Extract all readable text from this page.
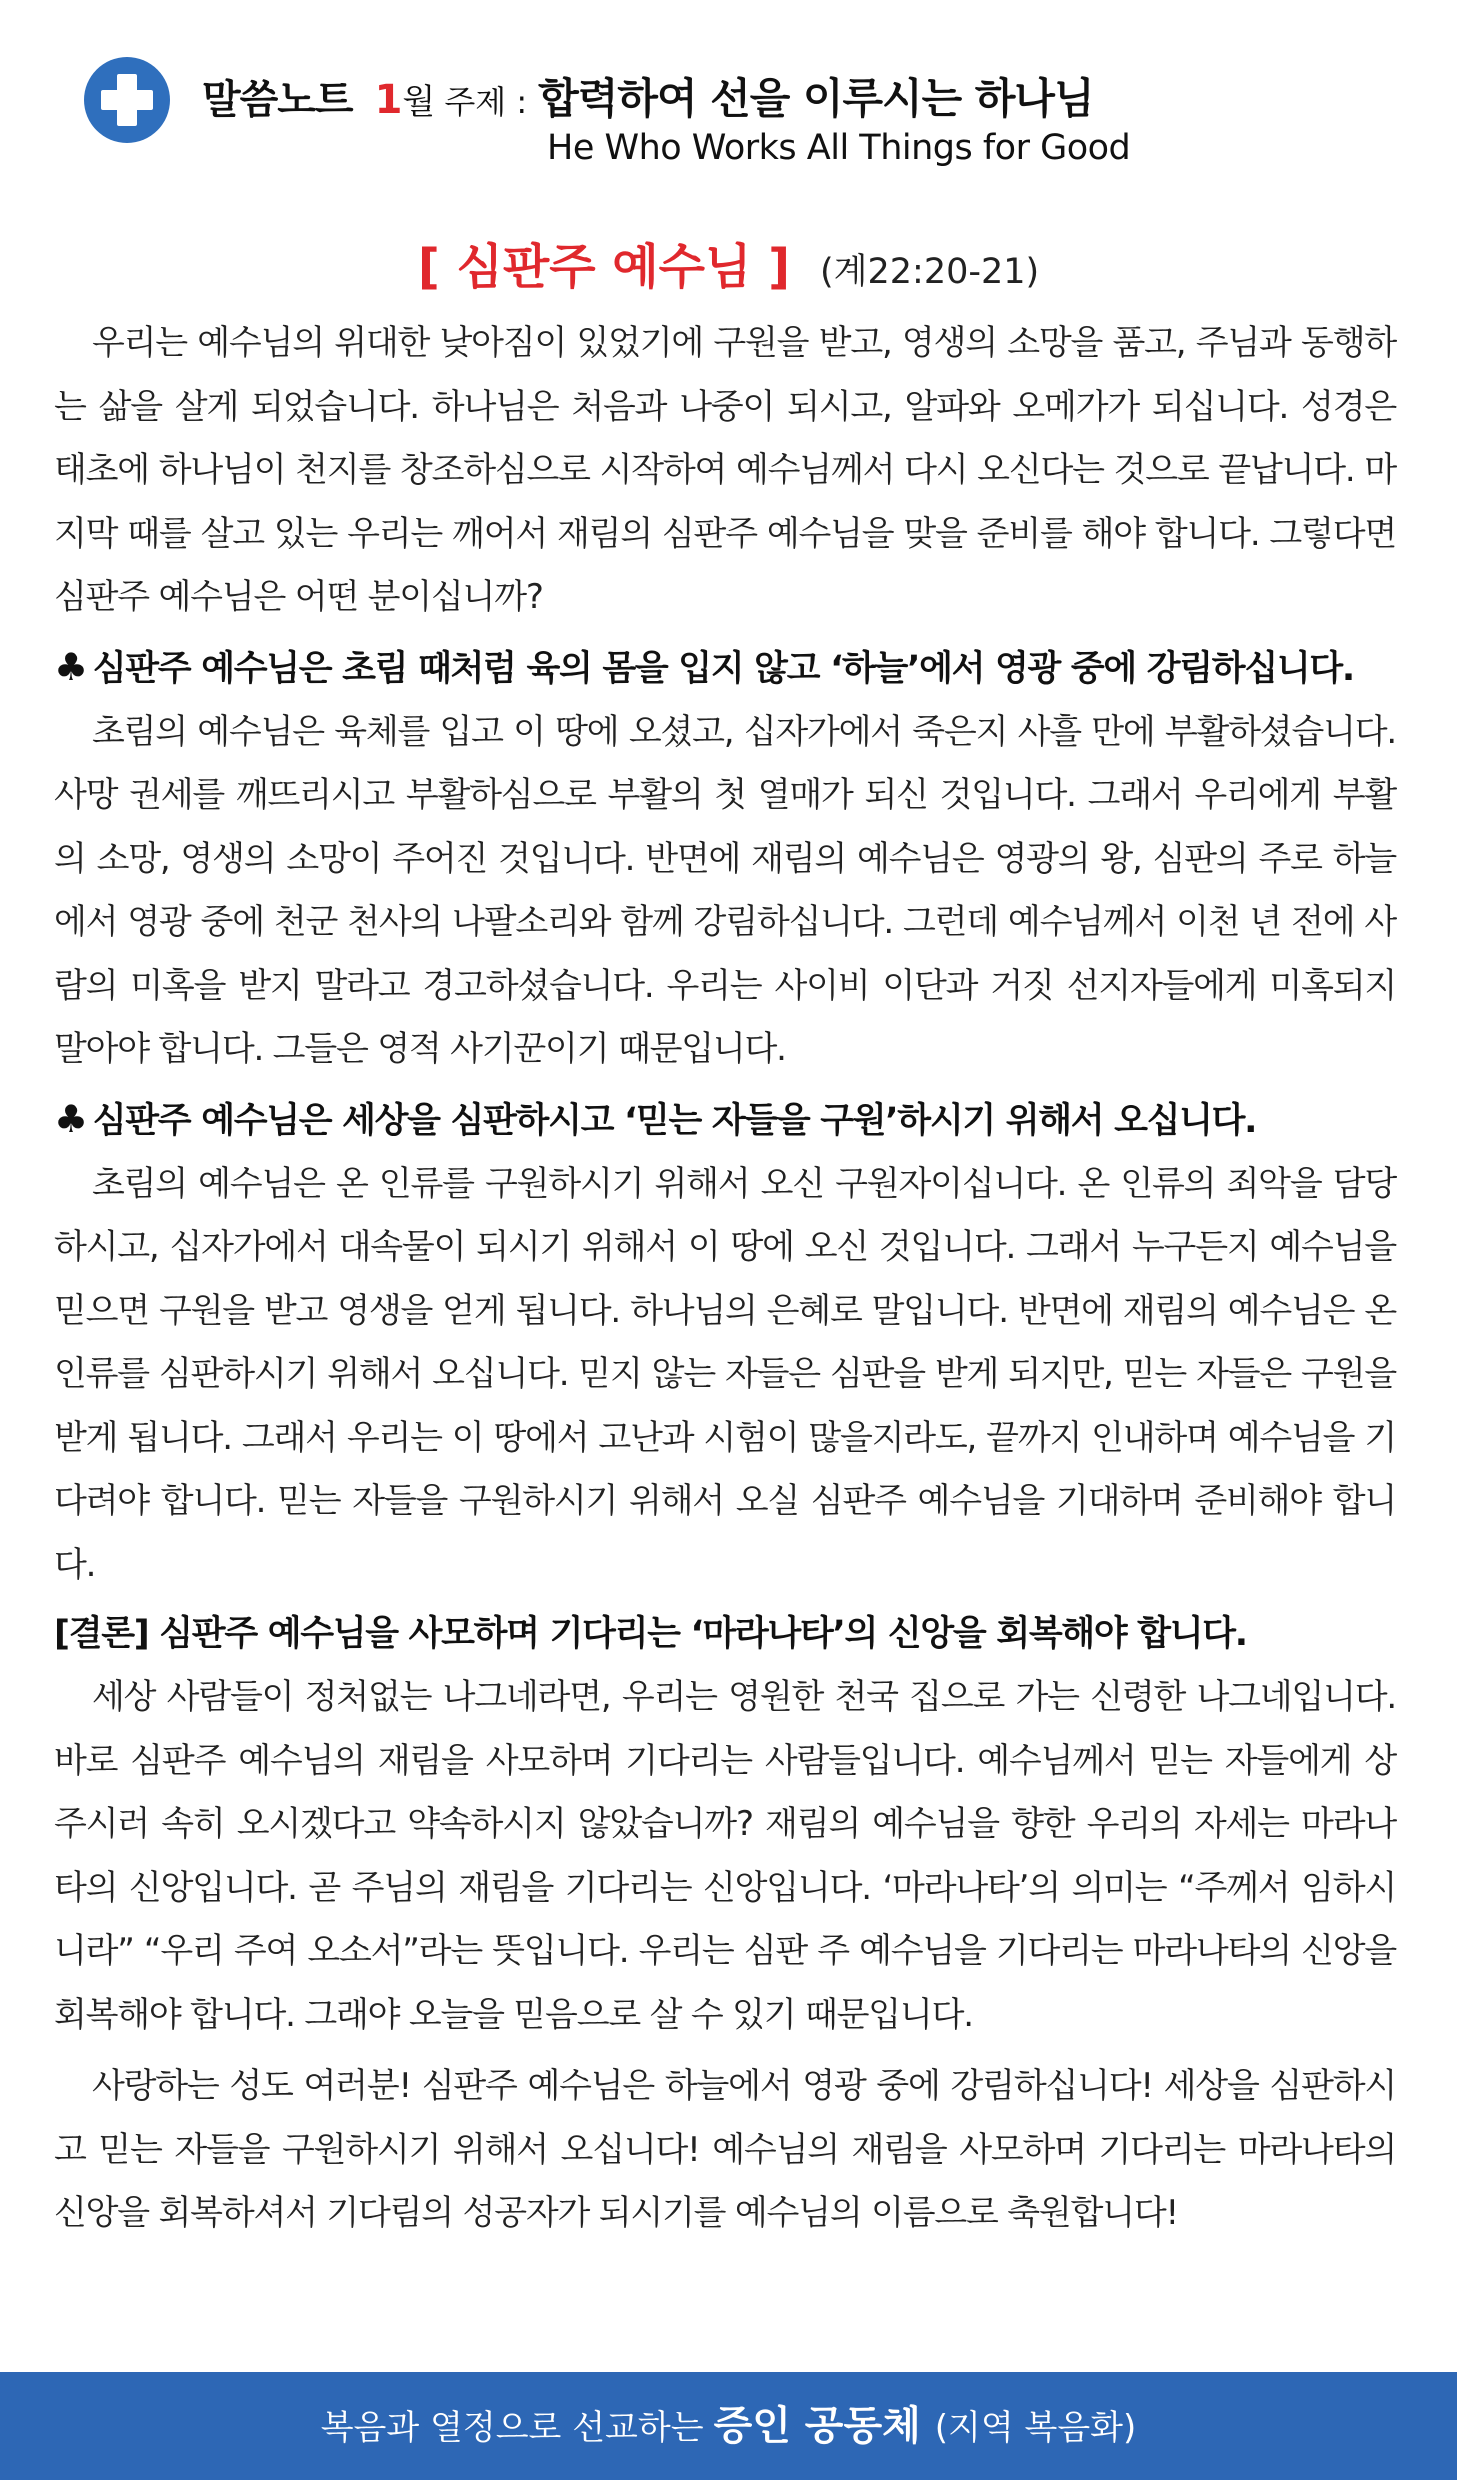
말씀노트 1월 주제 : 합력하여 선을 이루시는 하나님
He Who Works All Things for Good
[ 심판주 예수님 ] (계22:20-21)

우리는 예수님의 위대한 낮아짐이 있었기에 구원을 받고, 영생의 소망을 품고, 주님과 동행하는 삶을 살게 되었습니다. 하나님은 처음과 나중이 되시고, 알파와 오메가가 되십니다. 성경은 태초에 하나님이 천지를 창조하심으로 시작하여 예수님께서 다시 오신다는 것으로 끝납니다. 마지막 때를 살고 있는 우리는 깨어서 재림의 심판주 예수님을 맞을 준비를 해야 합니다. 그렇다면 심판주 예수님은 어떤 분이십니까?

♣ 심판주 예수님은 초림 때처럼 육의 몸을 입지 않고 ‘하늘’에서 영광 중에 강림하십니다.

초림의 예수님은 육체를 입고 이 땅에 오셨고, 십자가에서 죽은지 사흘 만에 부활하셨습니다. 사망 권세를 깨뜨리시고 부활하심으로 부활의 첫 열매가 되신 것입니다. 그래서 우리에게 부활의 소망, 영생의 소망이 주어진 것입니다. 반면에 재림의 예수님은 영광의 왕, 심판의 주로 하늘에서 영광 중에 천군 천사의 나팔소리와 함께 강림하십니다. 그런데 예수님께서 이천 년 전에 사람의 미혹을 받지 말라고 경고하셨습니다. 우리는 사이비 이단과 거짓 선지자들에게 미혹되지 말아야 합니다. 그들은 영적 사기꾼이기 때문입니다.

♣ 심판주 예수님은 세상을 심판하시고 ‘믿는 자들을 구원’하시기 위해서 오십니다.

초림의 예수님은 온 인류를 구원하시기 위해서 오신 구원자이십니다. 온 인류의 죄악을 담당하시고, 십자가에서 대속물이 되시기 위해서 이 땅에 오신 것입니다. 그래서 누구든지 예수님을 믿으면 구원을 받고 영생을 얻게 됩니다. 하나님의 은혜로 말입니다. 반면에 재림의 예수님은 온 인류를 심판하시기 위해서 오십니다. 믿지 않는 자들은 심판을 받게 되지만, 믿는 자들은 구원을 받게 됩니다. 그래서 우리는 이 땅에서 고난과 시험이 많을지라도, 끝까지 인내하며 예수님을 기다려야 합니다. 믿는 자들을 구원하시기 위해서 오실 심판주 예수님을 기대하며 준비해야 합니다.

[결론] 심판주 예수님을 사모하며 기다리는 ‘마라나타’의 신앙을 회복해야 합니다.

세상 사람들이 정처없는 나그네라면, 우리는 영원한 천국 집으로 가는 신령한 나그네입니다. 바로 심판주 예수님의 재림을 사모하며 기다리는 사람들입니다. 예수님께서 믿는 자들에게 상 주시러 속히 오시겠다고 약속하시지 않았습니까? 재림의 예수님을 향한 우리의 자세는 마라나타의 신앙입니다. 곧 주님의 재림을 기다리는 신앙입니다. ‘마라나타’의 의미는 “주께서 임하시니라” “우리 주여 오소서”라는 뜻입니다. 우리는 심판 주 예수님을 기다리는 마라나타의 신앙을 회복해야 합니다. 그래야 오늘을 믿음으로 살 수 있기 때문입니다.

사랑하는 성도 여러분! 심판주 예수님은 하늘에서 영광 중에 강림하십니다! 세상을 심판하시고 믿는 자들을 구원하시기 위해서 오십니다! 예수님의 재림을 사모하며 기다리는 마라나타의 신앙을 회복하셔서 기다림의 성공자가 되시기를 예수님의 이름으로 축원합니다!

복음과 열정으로 선교하는 증인 공동체 (지역 복음화)
